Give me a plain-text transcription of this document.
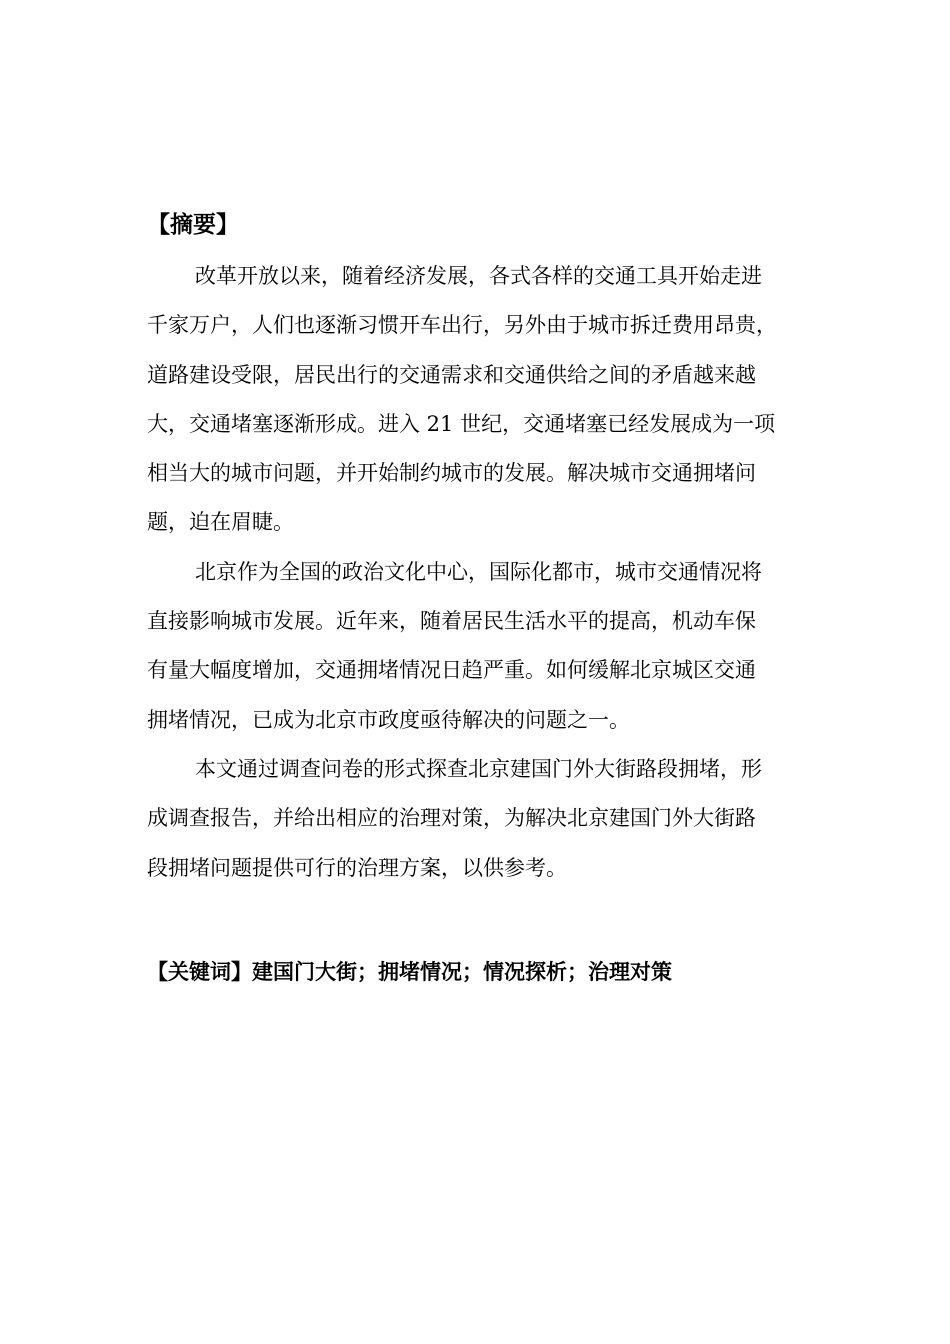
【摘要】
改革开放以来，随着经济发展，各式各样的交通工具开始走进
千家万户，人们也逐渐习惯开车出行，另外由于城市拆迁费用昂贵，
道路建设受限，居民出行的交通需求和交通供给之间的矛盾越来越
大，交通堵塞逐渐形成。进入 21 世纪，交通堵塞已经发展成为一项
相当大的城市问题，并开始制约城市的发展。解决城市交通拥堵问
题，迫在眉睫。
北京作为全国的政治文化中心，国际化都市，城市交通情况将
直接影响城市发展。近年来，随着居民生活水平的提高，机动车保
有量大幅度增加，交通拥堵情况日趋严重。如何缓解北京城区交通
拥堵情况，已成为北京市政度亟待解决的问题之一。
本文通过调查问卷的形式探查北京建国门外大街路段拥堵，形
成调查报告，并给出相应的治理对策，为解决北京建国门外大街路
段拥堵问题提供可行的治理方案，以供参考。
【关键词】建国门大街；拥堵情况；情况探析；治理对策
